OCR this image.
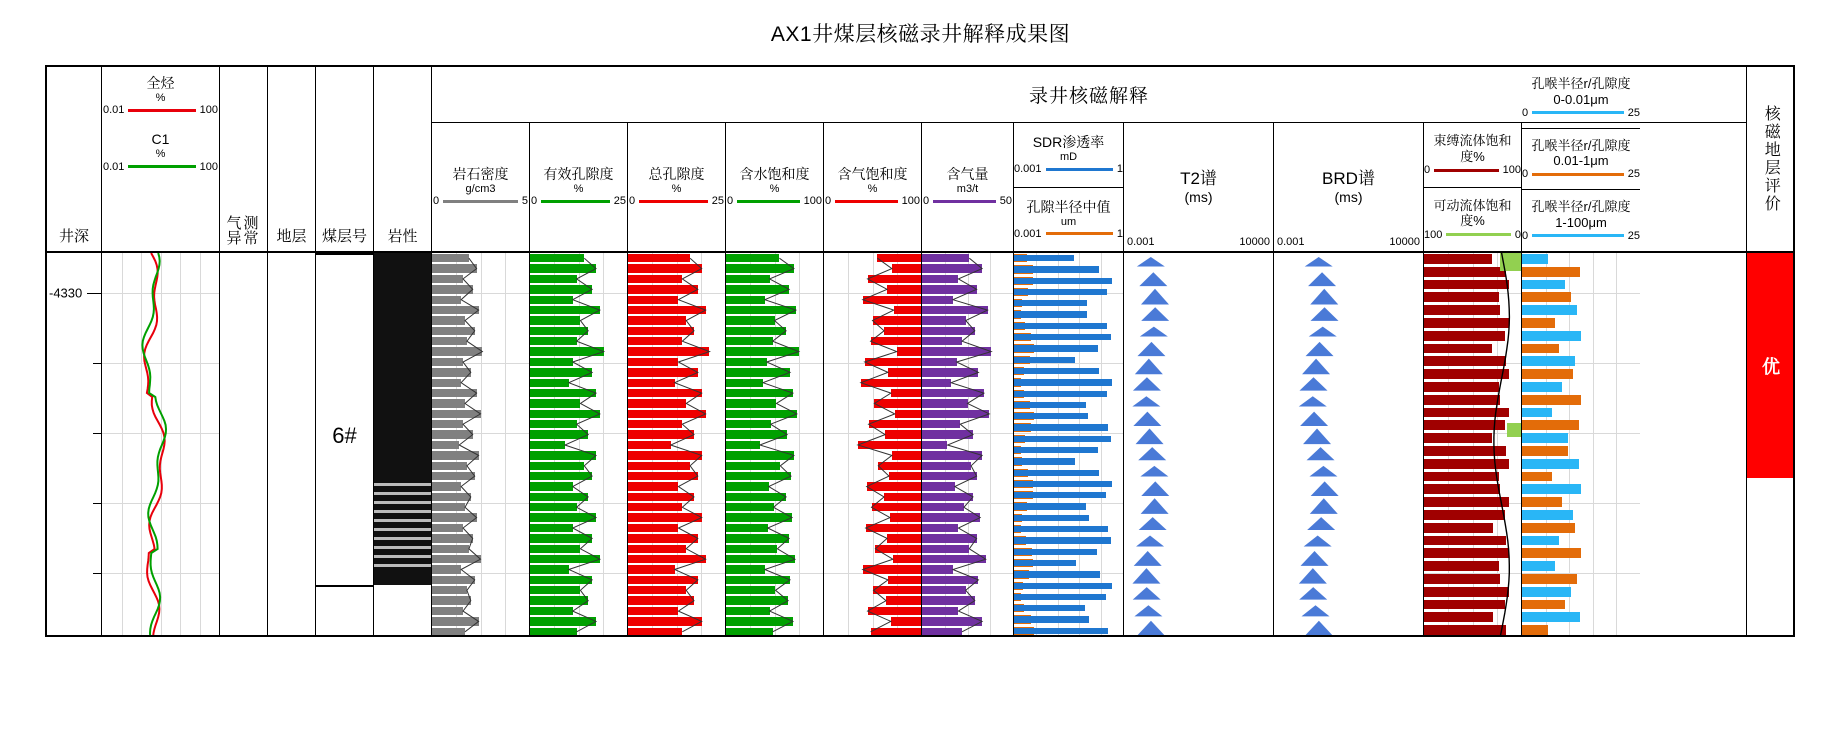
AX1井煤层核磁录井解释成果图
井深
全烃
%
0.01	100
C1
%
0.01	100
气测异常	地层 煤层号 岩性
录井核磁解释
岩石密度
g/cm3
0	5
有效孔隙度
%
0	25
总孔隙度
%
0	25
含水饱和度
%
0	100
含气饱和度
%
0	100
含气量
m3/t
0	50
SDR渗透率
mD
0.001	1
孔隙半径中值
um
0.001	1
T2谱
(ms)
0.001	10000
BRD谱
(ms)
0.001	10000
束缚流体饱和度%
0	100
可动流体饱和度%
100	0
孔喉半径r/孔隙度
0-0.01μm
0	25
孔喉半径r/孔隙度
0.01-1μm
0	25
孔喉半径r/孔隙度
1-100μm
0	25
核磁地层评价
-4330
6#
优
